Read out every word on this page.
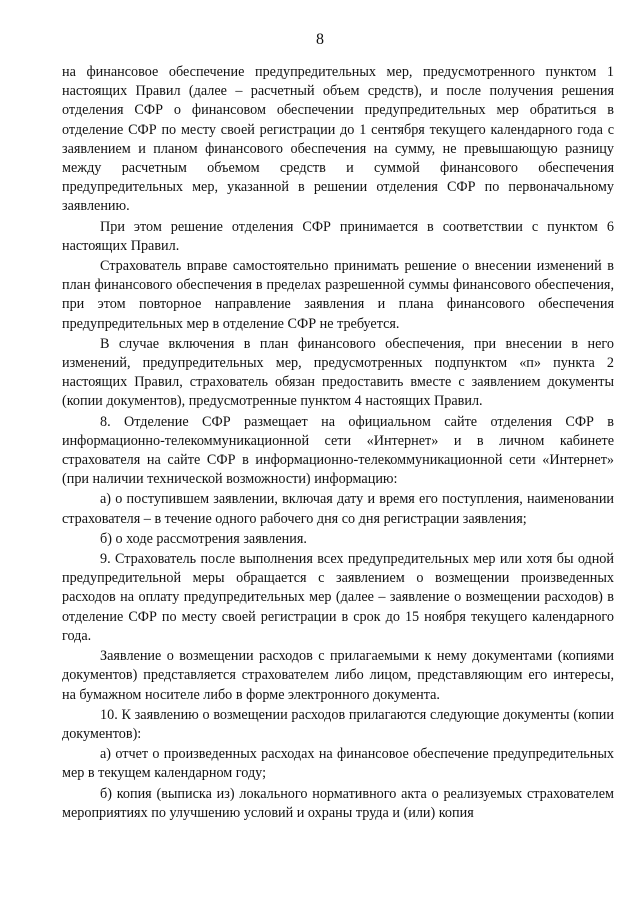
8

на финансовое обеспечение предупредительных мер, предусмотренного пунктом 1 настоящих Правил (далее – расчетный объем средств), и после получения решения отделения СФР о финансовом обеспечении предупредительных мер обратиться в отделение СФР по месту своей регистрации до 1 сентября текущего календарного года с заявлением и планом финансового обеспечения на сумму, не превышающую разницу между расчетным объемом средств и суммой финансового обеспечения предупредительных мер, указанной в решении отделения СФР по первоначальному заявлению.

При этом решение отделения СФР принимается в соответствии с пунктом 6 настоящих Правил.

Страхователь вправе самостоятельно принимать решение о внесении изменений в план финансового обеспечения в пределах разрешенной суммы финансового обеспечения, при этом повторное направление заявления и плана финансового обеспечения предупредительных мер в отделение СФР не требуется.

В случае включения в план финансового обеспечения, при внесении в него изменений, предупредительных мер, предусмотренных подпунктом «п» пункта 2 настоящих Правил, страхователь обязан предоставить вместе с заявлением документы (копии документов), предусмотренные пунктом 4 настоящих Правил.

8. Отделение СФР размещает на официальном сайте отделения СФР в информационно-телекоммуникационной сети «Интернет» и в личном кабинете страхователя на сайте СФР в информационно-телекоммуникационной сети «Интернет» (при наличии технической возможности) информацию:

а) о поступившем заявлении, включая дату и время его поступления, наименовании страхователя – в течение одного рабочего дня со дня регистрации заявления;

б) о ходе рассмотрения заявления.

9. Страхователь после выполнения всех предупредительных мер или хотя бы одной предупредительной меры обращается с заявлением о возмещении произведенных расходов на оплату предупредительных мер (далее – заявление о возмещении расходов) в отделение СФР по месту своей регистрации в срок до 15 ноября текущего календарного года.

Заявление о возмещении расходов с прилагаемыми к нему документами (копиями документов) представляется страхователем либо лицом, представляющим его интересы, на бумажном носителе либо в форме электронного документа.

10. К заявлению о возмещении расходов прилагаются следующие документы (копии документов):

а) отчет о произведенных расходах на финансовое обеспечение предупредительных мер в текущем календарном году;

б) копия (выписка из) локального нормативного акта о реализуемых страхователем мероприятиях по улучшению условий и охраны труда и (или) копия
